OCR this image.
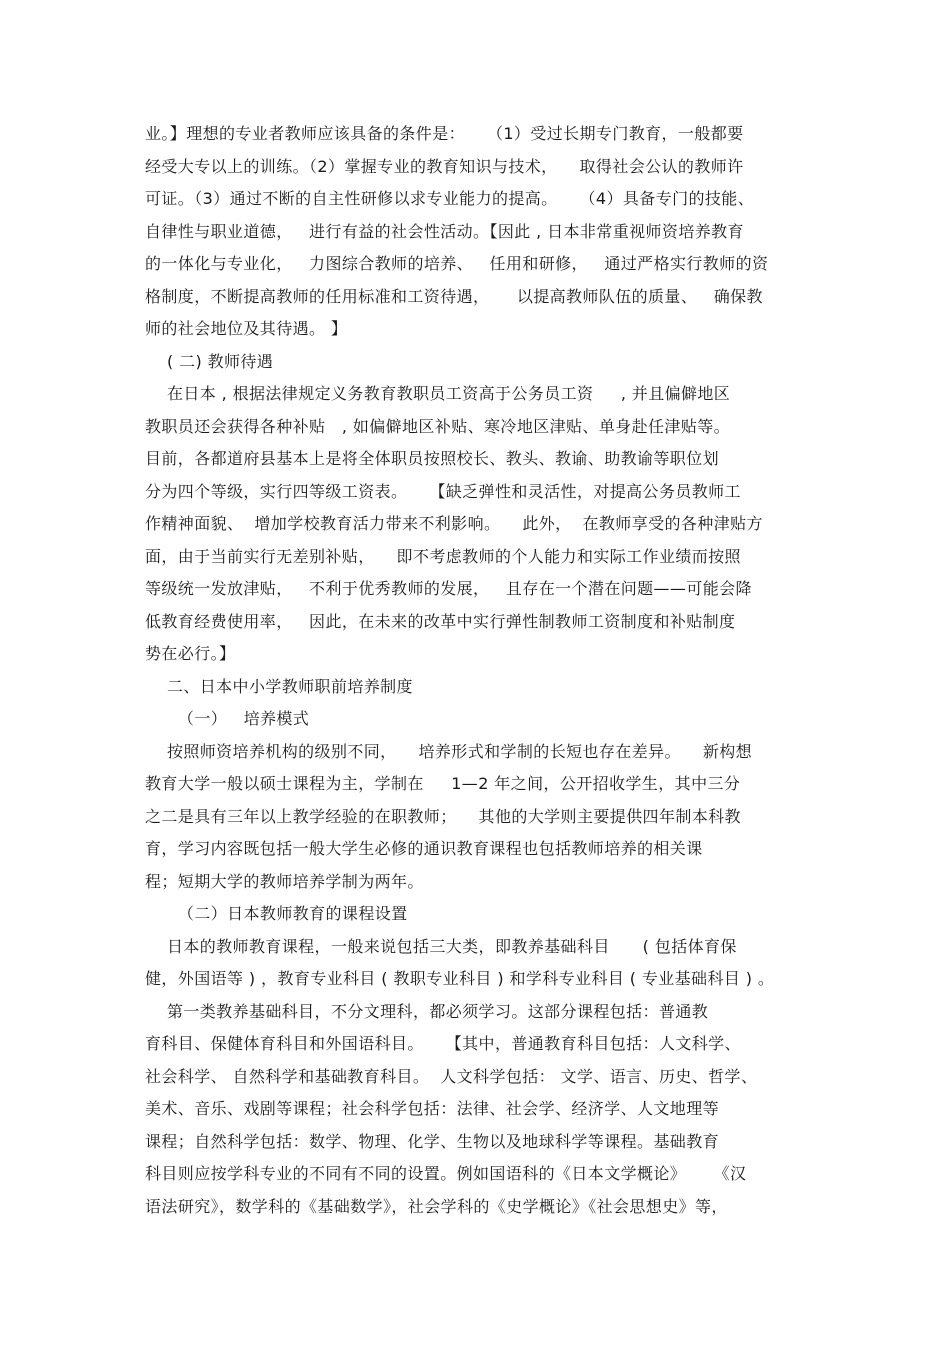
业。】理想的专业者教师应该具备的条件是：    （1）受过长期专门教育，一般都要
经受大专以上的训练。（2）掌握专业的教育知识与技术，    取得社会公认的教师许
可证。（3）通过不断的自主性研修以求专业能力的提高。    （4）具备专门的技能、
自律性与职业道德，   进行有益的社会性活动。【因此 , 日本非常重视师资培养教育
的一体化与专业化，   力图综合教师的培养、   任用和研修，   通过严格实行教师的资
格制度，不断提高教师的任用标准和工资待遇，     以提高教师队伍的质量、   确保教
师的社会地位及其待遇。 】
( 二) 教师待遇
在日本 , 根据法律规定义务教育教职员工资高于公务员工资     , 并且偏僻地区
教职员还会获得各种补贴   , 如偏僻地区补贴、寒冷地区津贴、单身赴任津贴等。
目前，各都道府县基本上是将全体职员按照校长、教头、教谕、助教谕等职位划
分为四个等级，实行四等级工资表。    【缺乏弹性和灵活性，对提高公务员教师工
作精神面貌、  增加学校教育活力带来不利影响。    此外，  在教师享受的各种津贴方
面，由于当前实行无差别补贴，    即不考虑教师的个人能力和实际工作业绩而按照
等级统一发放津贴，   不利于优秀教师的发展，   且存在一个潜在问题——可能会降
低教育经费使用率，   因此，在未来的改革中实行弹性制教师工资制度和补贴制度
势在必行。】
二、日本中小学教师职前培养制度
（一）   培养模式
按照师资培养机构的级别不同，    培养形式和学制的长短也存在差异。    新构想
教育大学一般以硕士课程为主，学制在     1—2 年之间，公开招收学生，其中三分
之二是具有三年以上教学经验的在职教师；    其他的大学则主要提供四年制本科教
育，学习内容既包括一般大学生必修的通识教育课程也包括教师培养的相关课
程；短期大学的教师培养学制为两年。
（二）日本教师教育的课程设置
日本的教师教育课程，一般来说包括三大类，即教养基础科目      ( 包括体育保
健，外国语等 ) ，教育专业科目 ( 教职专业科目 ) 和学科专业科目 ( 专业基础科目 ) 。
第一类教养基础科目，不分文理科，都必须学习。这部分课程包括：普通教
育科目、保健体育科目和外国语科目。    【其中，普通教育科目包括：人文科学、
社会科学、 自然科学和基础教育科目。  人文科学包括： 文学、语言、历史、哲学、
美术、音乐、戏剧等课程；社会科学包括：法律、社会学、经济学、人文地理等
课程；自然科学包括：数学、物理、化学、生物以及地球科学等课程。基础教育
科目则应按学科专业的不同有不同的设置。例如国语科的《日本文学概论》     《汉
语法研究》，数学科的《基础数学》，社会学科的《史学概论》《社会思想史》等，
